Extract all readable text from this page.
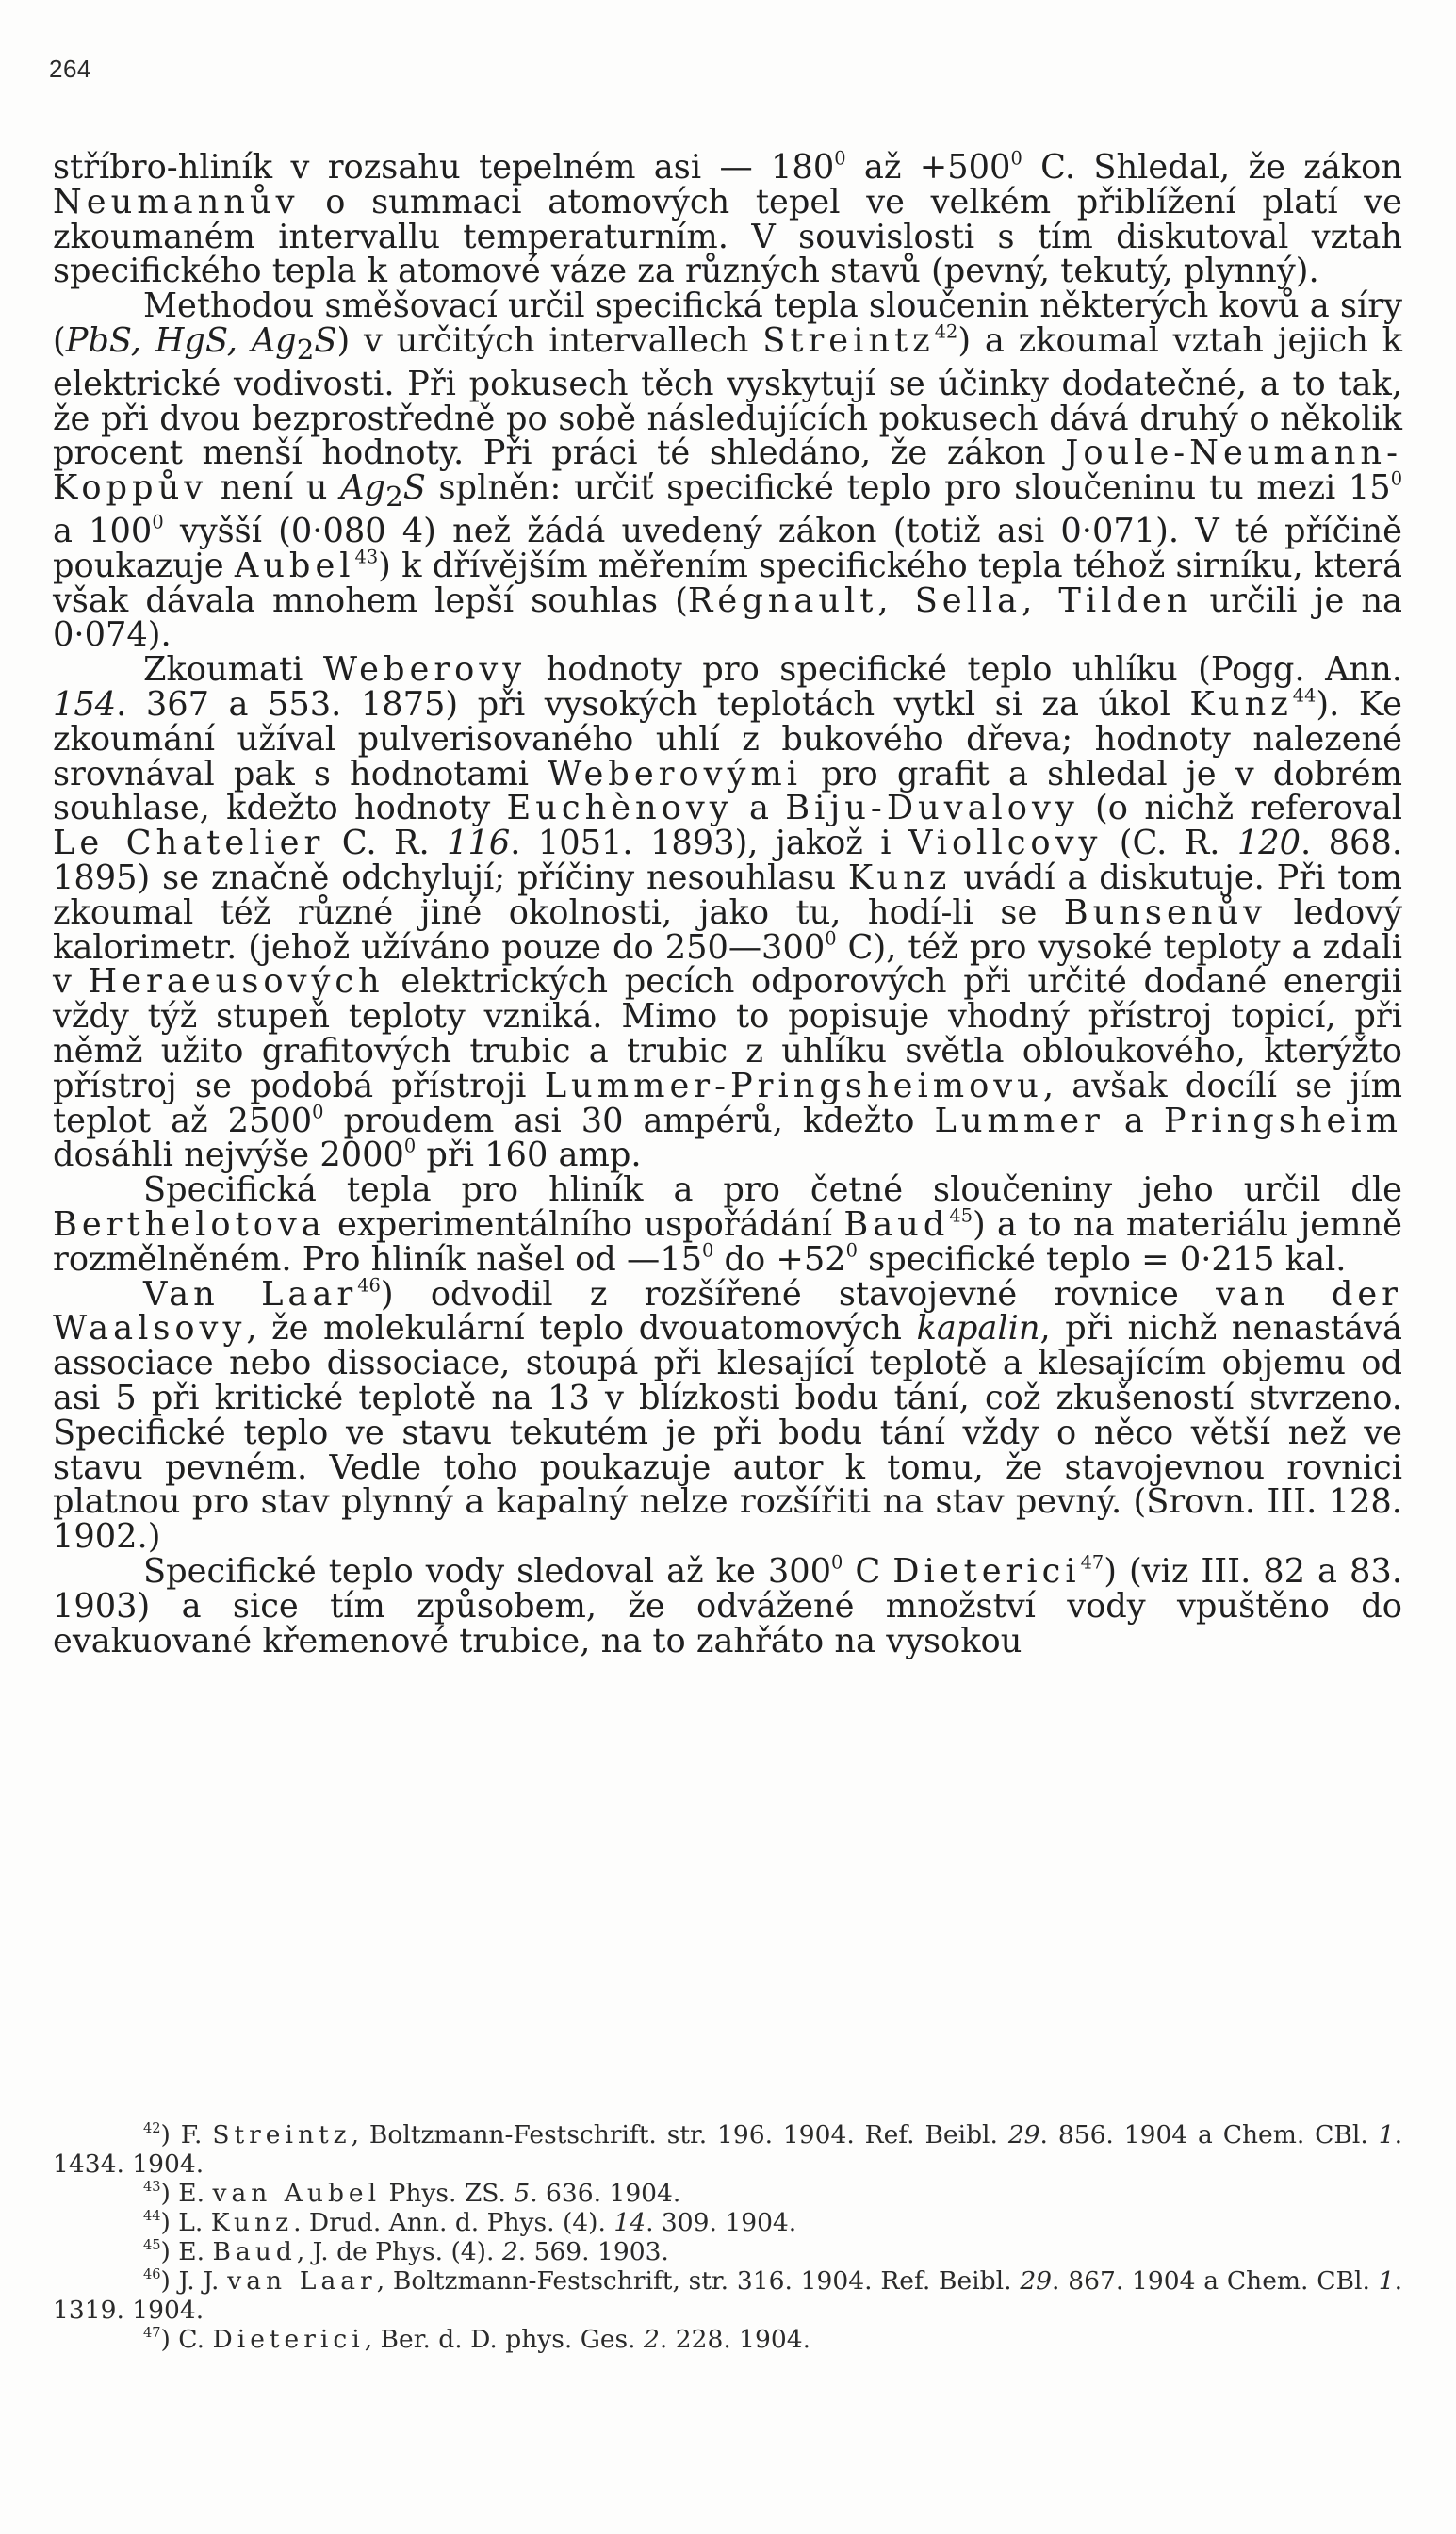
264

stříbro-hliník v rozsahu tepelném asi — $180^0$ až $+500^0$ C. Shledal, že zákon Neumannův o summaci atomových tepel ve velkém přiblížení platí ve zkoumaném intervallu temperaturním. V souvislosti s tím diskutoval vztah specifického tepla k atomové váze za různých stavů (pevný, tekutý, plynný).

Methodou směšovací určil specifická tepla sloučenin některých kovů a síry (PbS, HgS, $Ag_2S$) v určitých intervallech Streintz$^{42}$) a zkoumal vztah jejich k elektrické vodivosti. Při pokusech těch vyskytují se účinky dodatečné, a to tak, že při dvou bezprostředně po sobě následujících pokusech dává druhý o několik procent menší hodnoty. Při práci té shledáno, že zákon Joule-Neumann-Koppův není u $Ag_2S$ splněn: určiť specifické teplo pro sloučeninu tu mezi $15^0$ a $100^0$ vyšší (0·080 4) než žádá uvedený zákon (totiž asi 0·071). V té příčině poukazuje Aubel$^{43}$) k dřívějším měřením specifického tepla téhož sirníku, která však dávala mnohem lepší souhlas (Régnault, Sella, Tilden určili je na 0·074).

Zkoumati Weberovy hodnoty pro specifické teplo uhlíku (Pogg. Ann. 154. 367 a 553. 1875) při vysokých teplotách vytkl si za úkol Kunz$^{44}$). Ke zkoumání užíval pulverisovaného uhlí z bukového dřeva; hodnoty nalezené srovnával pak s hodnotami Weberovými pro grafit a shledal je v dobrém souhlase, kdežto hodnoty Euchènovy a Biju-Duvalovy (o nichž referoval Le Chatelier C. R. 116. 1051. 1893), jakož i Viollcovy (C. R. 120. 868. 1895) se značně odchylují; příčiny nesouhlasu Kunz uvádí a diskutuje. Při tom zkoumal též různé jiné okolnosti, jako tu, hodí-li se Bunsenův ledový kalorimetr. (jehož užíváno pouze do $250—300^0$ C), též pro vysoké teploty a zdali v Heraeusových elektrických pecích odporových při určité dodané energii vždy týž stupeň teploty vzniká. Mimo to popisuje vhodný přístroj topicí, při němž užito grafitových trubic a trubic z uhlíku světla obloukového, kterýžto přístroj se podobá přístroji Lummer-Pringsheimovu, avšak docílí se jím teplot až 2500$^0$ proudem asi 30 ampérů, kdežto Lummer a Pringsheim dosáhli nejvýše 2000$^0$ při 160 amp.

Specifická tepla pro hliník a pro četné sloučeniny jeho určil dle Berthelotova experimentálního uspořádání Baud$^{45}$) a to na materiálu jemně rozmělněném. Pro hliník našel od $—15^0$ do $+52^0$ specifické teplo = 0·215 kal.

Van Laar$^{46}$) odvodil z rozšířené stavojevné rovnice van der Waalsovy, že molekulární teplo dvouatomových kapalin, při nichž nenastává associace nebo dissociace, stoupá při klesající teplotě a klesajícím objemu od asi 5 při kritické teplotě na 13 v blízkosti bodu tání, což zkušeností stvrzeno. Specifické teplo ve stavu tekutém je při bodu tání vždy o něco větší než ve stavu pevném. Vedle toho poukazuje autor k tomu, že stavojevnou rovnici platnou pro stav plynný a kapalný nelze rozšířiti na stav pevný. (Srovn. III. 128. 1902.)

Specifické teplo vody sledoval až ke $300^0$ C Dieterici$^{47}$) (viz III. 82 a 83. 1903) a sice tím způsobem, že odvážené množství vody vpuštěno do evakuované křemenové trubice, na to zahřáto na vysokou

$^{42}$) F. Streintz, Boltzmann-Festschrift. str. 196. 1904. Ref. Beibl. 29. 856. 1904 a Chem. CBl. 1. 1434. 1904.

$^{43}$) E. van Aubel Phys. ZS. 5. 636. 1904.

$^{44}$) L. Kunz. Drud. Ann. d. Phys. (4). 14. 309. 1904.

$^{45}$) E. Baud, J. de Phys. (4). 2. 569. 1903.

$^{46}$) J. J. van Laar, Boltzmann-Festschrift, str. 316. 1904. Ref. Beibl. 29. 867. 1904 a Chem. CBl. 1. 1319. 1904.

$^{47}$) C. Dieterici, Ber. d. D. phys. Ges. 2. 228. 1904.
